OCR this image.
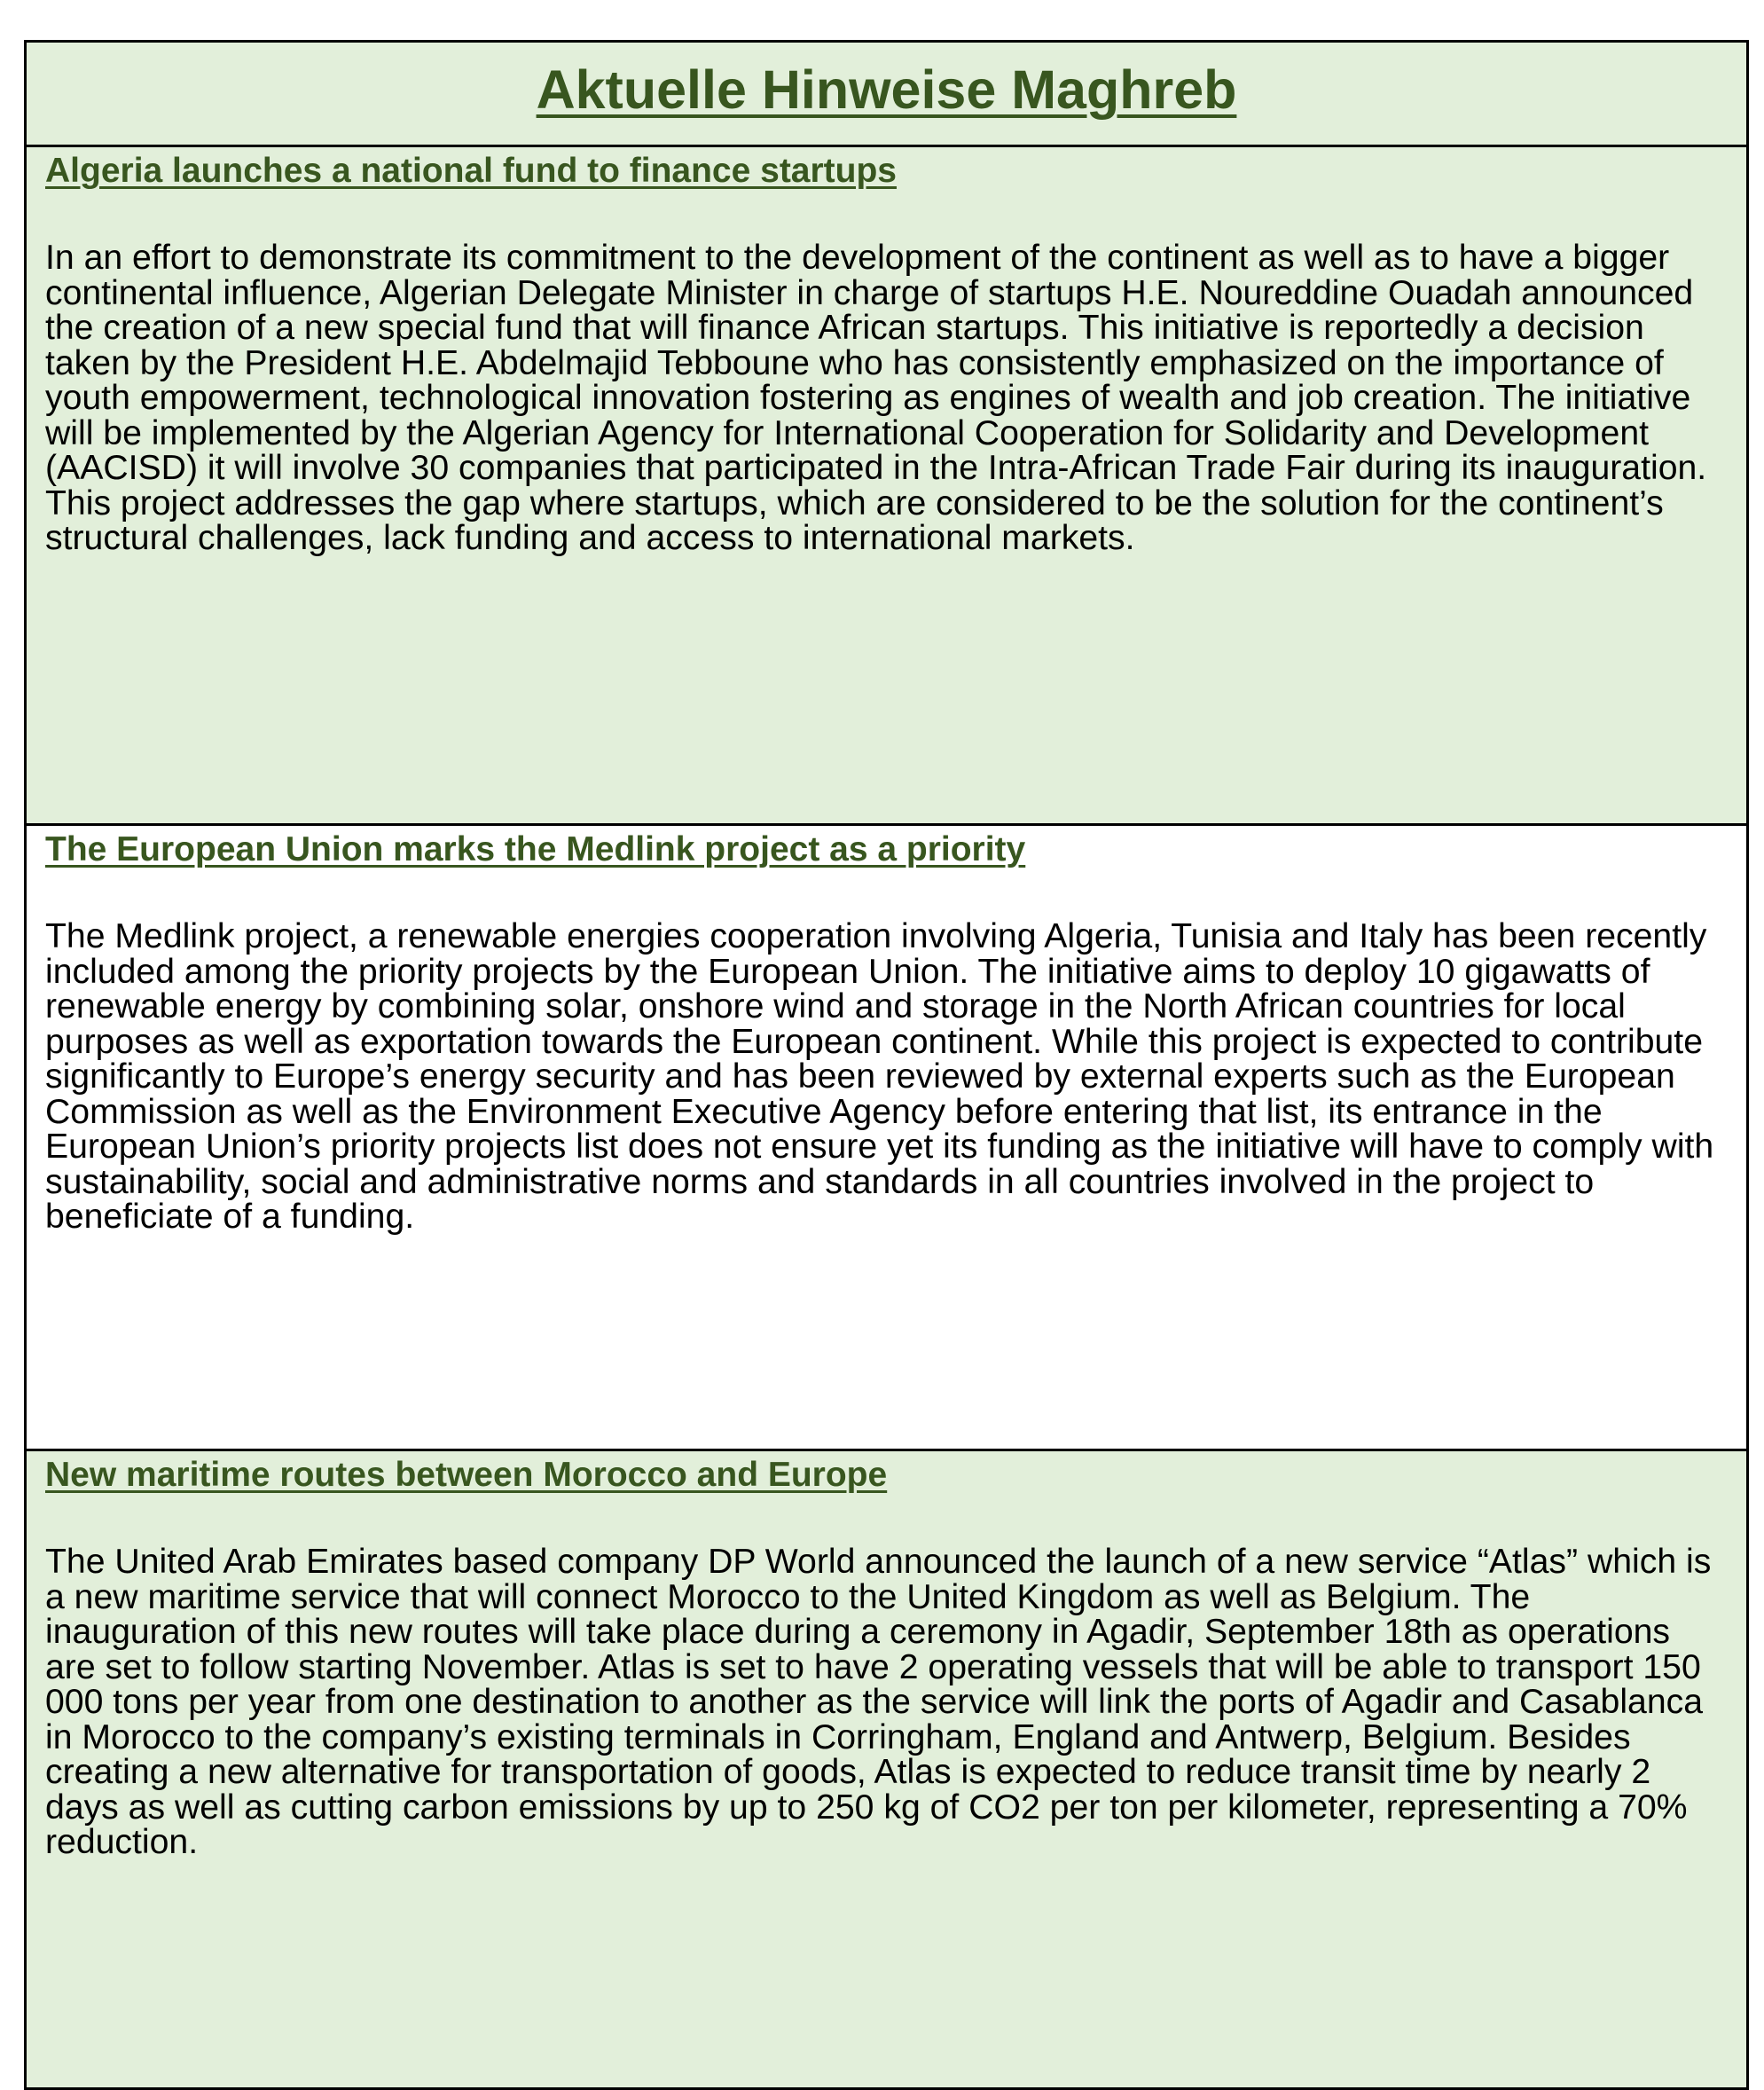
Aktuelle Hinweise Maghreb
Algeria launches a national fund to finance startups

In an effort to demonstrate its commitment to the development of the continent as well as to have a bigger continental influence, Algerian Delegate Minister in charge of startups H.E. Noureddine Ouadah announced the creation of a new special fund that will finance African startups. This initiative is reportedly a decision taken by the President H.E. Abdelmajid Tebboune who has consistently emphasized on the importance of youth empowerment, technological innovation fostering as engines of wealth and job creation. The initiative will be implemented by the Algerian Agency for International Cooperation for Solidarity and Development (AACISD) it will involve 30 companies that participated in the Intra-African Trade Fair during its inauguration. This project addresses the gap where startups, which are considered to be the solution for the continent’s structural challenges, lack funding and access to international markets.

The European Union marks the Medlink project as a priority

The Medlink project, a renewable energies cooperation involving Algeria, Tunisia and Italy has been recently included among the priority projects by the European Union. The initiative aims to deploy 10 gigawatts of renewable energy by combining solar, onshore wind and storage in the North African countries for local purposes as well as exportation towards the European continent. While this project is expected to contribute significantly to Europe’s energy security and has been reviewed by external experts such as the European Commission as well as the Environment Executive Agency before entering that list, its entrance in the European Union’s priority projects list does not ensure yet its funding as the initiative will have to comply with sustainability, social and administrative norms and standards in all countries involved in the project to beneficiate of a funding.

New maritime routes between Morocco and Europe

The United Arab Emirates based company DP World announced the launch of a new service “Atlas” which is a new maritime service that will connect Morocco to the United Kingdom as well as Belgium. The inauguration of this new routes will take place during a ceremony in Agadir, September 18th as operations are set to follow starting November. Atlas is set to have 2 operating vessels that will be able to transport 150 000 tons per year from one destination to another as the service will link the ports of Agadir and Casablanca in Morocco to the company’s existing terminals in Corringham, England and Antwerp, Belgium. Besides creating a new alternative for transportation of goods, Atlas is expected to reduce transit time by nearly 2 days as well as cutting carbon emissions by up to 250 kg of CO2 per ton per kilometer, representing a 70% reduction.
